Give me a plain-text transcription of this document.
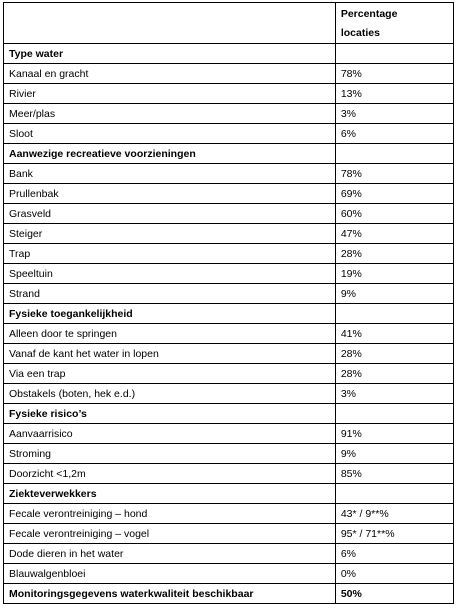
	Percentage
locaties

Type water	
Kanaal en gracht	78%
Rivier	13%
Meer/plas	3%
Sloot	6%
Aanwezige recreatieve voorzieningen	
Bank	78%
Prullenbak	69%
Grasveld	60%
Steiger	47%
Trap	28%
Speeltuin	19%
Strand	9%
Fysieke toegankelijkheid	
Alleen door te springen	41%
Vanaf de kant het water in lopen	28%
Via een trap	28%
Obstakels (boten, hek e.d.)	3%
Fysieke risico’s	
Aanvaarrisico	91%
Stroming	9%
Doorzicht <1,2m	85%
Ziekteverwekkers	
Fecale verontreiniging – hond	43* / 9**%
Fecale verontreiniging – vogel	95* / 71**%
Dode dieren in het water	6%
Blauwalgenbloei	0%
Monitoringsgegevens waterkwaliteit beschikbaar	50%
